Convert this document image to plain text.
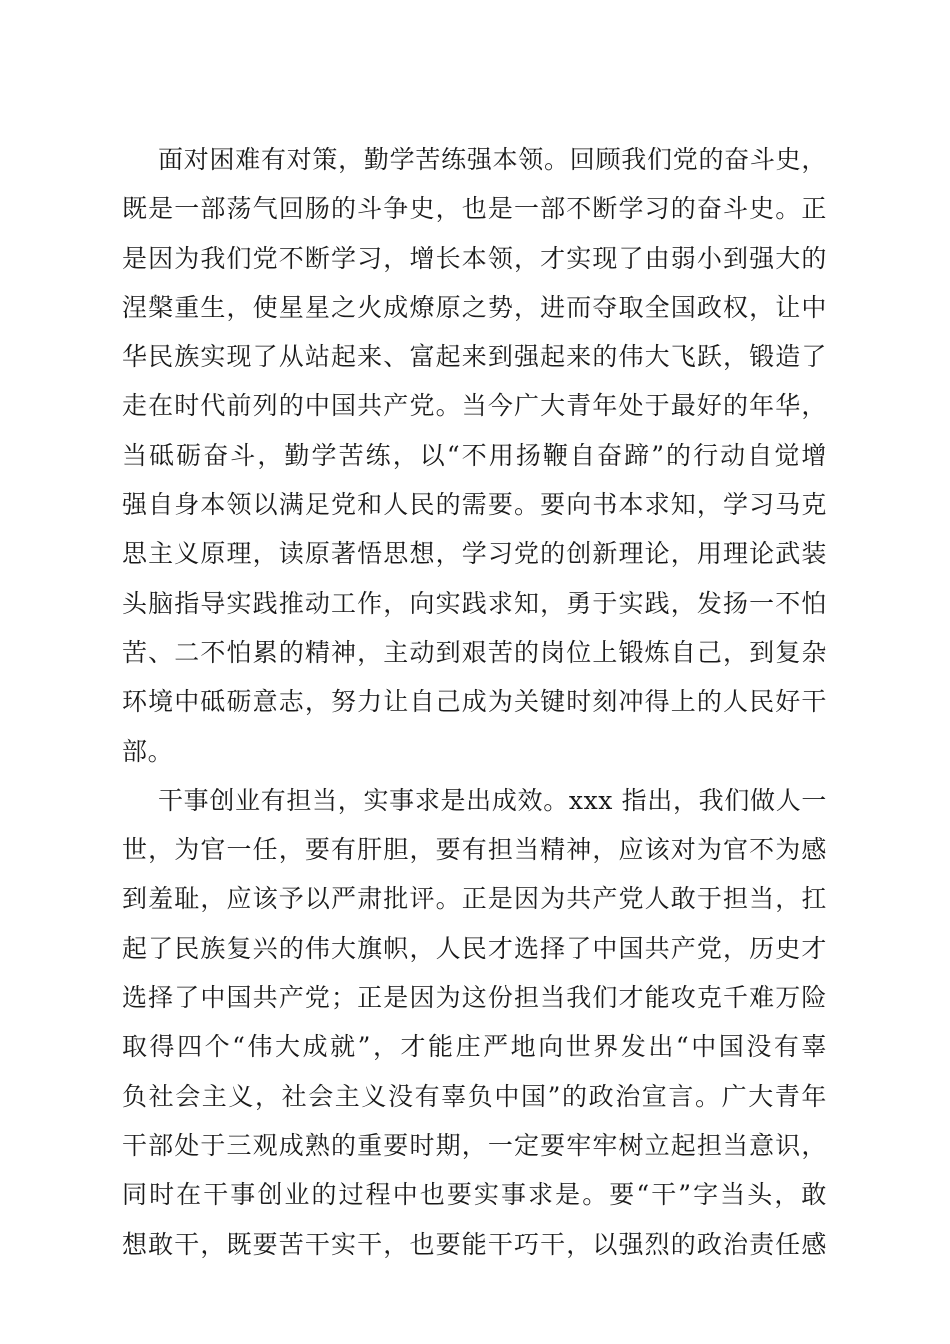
面对困难有对策，勤学苦练强本领。回顾我们党的奋斗史，
既是一部荡气回肠的斗争史，也是一部不断学习的奋斗史。正
是因为我们党不断学习，增长本领，才实现了由弱小到强大的
涅槃重生，使星星之火成燎原之势，进而夺取全国政权，让中
华民族实现了从站起来、富起来到强起来的伟大飞跃，锻造了
走在时代前列的中国共产党。当今广大青年处于最好的年华，
当砥砺奋斗，勤学苦练，以“不用扬鞭自奋蹄”的行动自觉增
强自身本领以满足党和人民的需要。要向书本求知，学习马克
思主义原理，读原著悟思想，学习党的创新理论，用理论武装
头脑指导实践推动工作，向实践求知，勇于实践，发扬一不怕
苦、二不怕累的精神，主动到艰苦的岗位上锻炼自己，到复杂
环境中砥砺意志，努力让自己成为关键时刻冲得上的人民好干
部。
干事创业有担当，实事求是出成效。xxx 指出，我们做人一
世，为官一任，要有肝胆，要有担当精神，应该对为官不为感
到羞耻，应该予以严肃批评。正是因为共产党人敢于担当，扛
起了民族复兴的伟大旗帜，人民才选择了中国共产党，历史才
选择了中国共产党；正是因为这份担当我们才能攻克千难万险
取得四个“伟大成就”，才能庄严地向世界发出“中国没有辜
负社会主义，社会主义没有辜负中国”的政治宣言。广大青年
干部处于三观成熟的重要时期，一定要牢牢树立起担当意识，
同时在干事创业的过程中也要实事求是。要“干”字当头，敢
想敢干，既要苦干实干，也要能干巧干，以强烈的政治责任感
